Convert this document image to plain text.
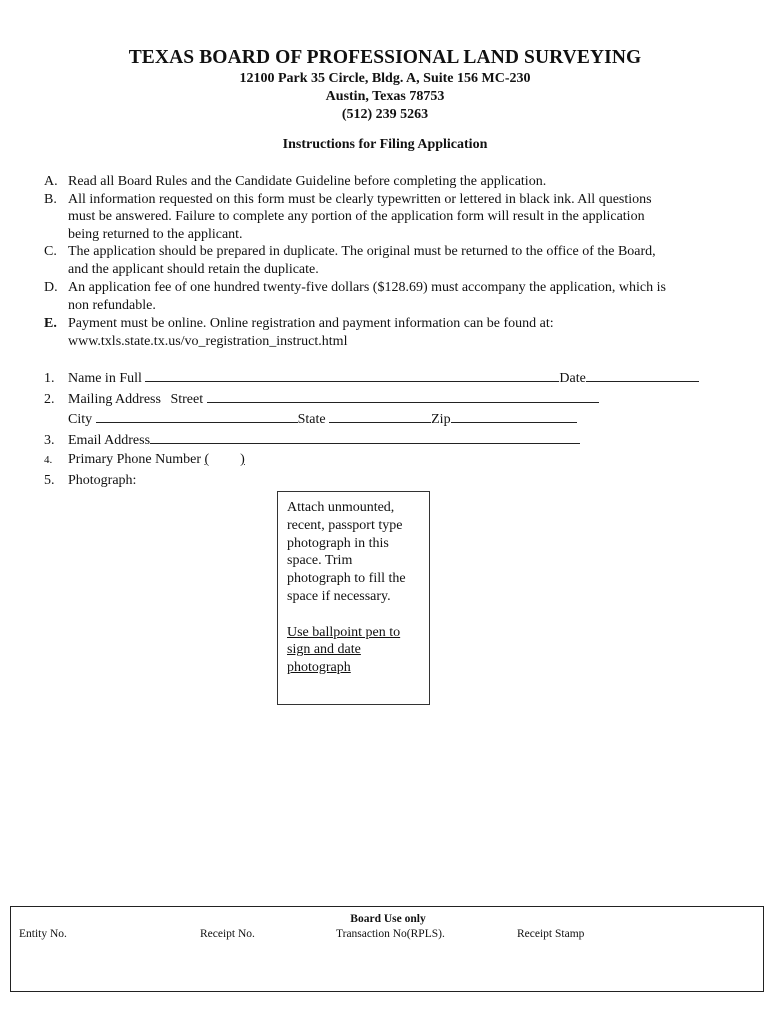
TEXAS BOARD OF PROFESSIONAL LAND SURVEYING
12100 Park 35 Circle, Bldg. A, Suite 156 MC-230
Austin, Texas 78753
(512) 239 5263
Instructions for Filing Application
A. Read all Board Rules and the Candidate Guideline before completing the application.
B. All information requested on this form must be clearly typewritten or lettered in black ink. All questions
must be answered. Failure to complete any portion of the application form will result in the application
being returned to the applicant.
C. The application should be prepared in duplicate. The original must be returned to the office of the Board,
and the applicant should retain the duplicate.
D. An application fee of one hundred twenty-five dollars ($128.69) must accompany the application, which is
non refundable.
E. Payment must be online. Online registration and payment information can be found at:
www.txls.state.tx.us/vo_registration_instruct.html
1. Name in Full	Date
2. Mailing Address Street
City	State	Zip
3. Email Address
4. Primary Phone Number ( )
5. Photograph:
Attach unmounted,
recent, passport type
photograph in this
space. Trim
photograph to fill the
space if necessary.
Use ballpoint pen to
sign and date
photograph
Board Use only
Entity No.	Receipt No.	Transaction No(RPLS).	Receipt Stamp
